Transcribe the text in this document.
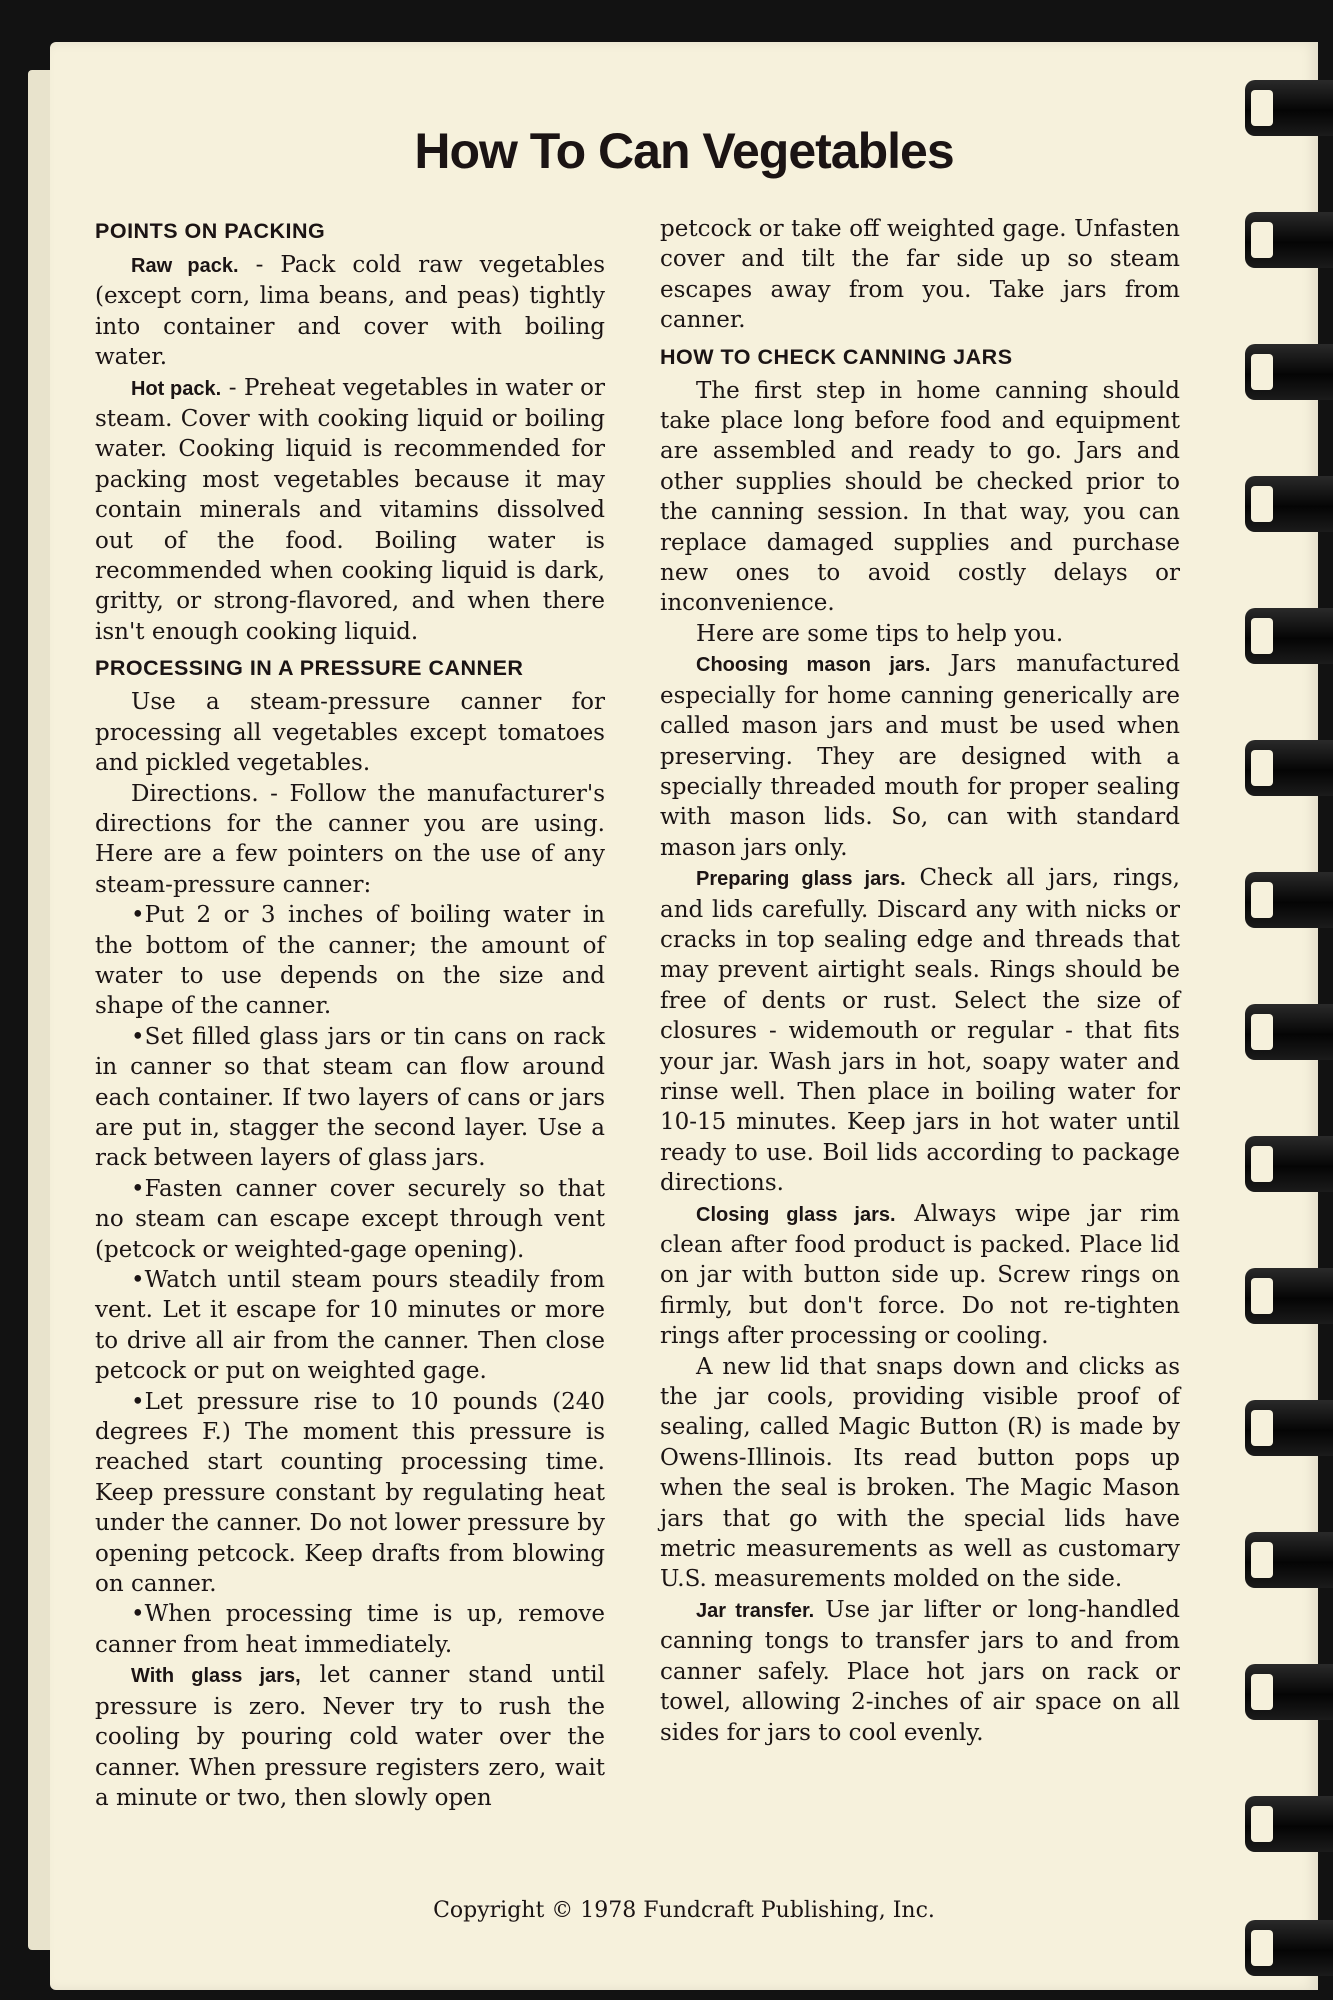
How To Can Vegetables
POINTS ON PACKING

Raw pack. - Pack cold raw vegetables (except corn, lima beans, and peas) tightly into container and cover with boiling water.

Hot pack. - Preheat vegetables in water or steam. Cover with cooking liquid or boiling water. Cooking liquid is recommended for packing most vegetables because it may contain minerals and vitamins dissolved out of the food. Boiling water is recommended when cooking liquid is dark, gritty, or strong-flavored, and when there isn't enough cooking liquid.

PROCESSING IN A PRESSURE CANNER

Use a steam-pressure canner for processing all vegetables except tomatoes and pickled vegetables.

Directions. - Follow the manufacturer's directions for the canner you are using. Here are a few pointers on the use of any steam-pressure canner:

•Put 2 or 3 inches of boiling water in the bottom of the canner; the amount of water to use depends on the size and shape of the canner.

•Set filled glass jars or tin cans on rack in canner so that steam can flow around each container. If two layers of cans or jars are put in, stagger the second layer. Use a rack between layers of glass jars.

•Fasten canner cover securely so that no steam can escape except through vent (petcock or weighted-gage opening).

•Watch until steam pours steadily from vent. Let it escape for 10 minutes or more to drive all air from the canner. Then close petcock or put on weighted gage.

•Let pressure rise to 10 pounds (240 degrees F.) The moment this pressure is reached start counting processing time. Keep pressure constant by regulating heat under the canner. Do not lower pressure by opening petcock. Keep drafts from blowing on canner.

•When processing time is up, remove canner from heat immediately.

With glass jars, let canner stand until pressure is zero. Never try to rush the cooling by pouring cold water over the canner. When pressure registers zero, wait a minute or two, then slowly open

petcock or take off weighted gage. Unfasten cover and tilt the far side up so steam escapes away from you. Take jars from canner.

HOW TO CHECK CANNING JARS

The first step in home canning should take place long before food and equipment are assembled and ready to go. Jars and other supplies should be checked prior to the canning session. In that way, you can replace damaged supplies and purchase new ones to avoid costly delays or inconvenience.

Here are some tips to help you.

Choosing mason jars. Jars manufactured especially for home canning generically are called mason jars and must be used when preserving. They are designed with a specially threaded mouth for proper sealing with mason lids. So, can with standard mason jars only.

Preparing glass jars. Check all jars, rings, and lids carefully. Discard any with nicks or cracks in top sealing edge and threads that may prevent airtight seals. Rings should be free of dents or rust. Select the size of closures - widemouth or regular - that fits your jar. Wash jars in hot, soapy water and rinse well. Then place in boiling water for 10-15 minutes. Keep jars in hot water until ready to use. Boil lids according to package directions.

Closing glass jars. Always wipe jar rim clean after food product is packed. Place lid on jar with button side up. Screw rings on firmly, but don't force. Do not re-tighten rings after processing or cooling.

A new lid that snaps down and clicks as the jar cools, providing visible proof of sealing, called Magic Button (R) is made by Owens-Illinois. Its read button pops up when the seal is broken. The Magic Mason jars that go with the special lids have metric measurements as well as customary U.S. measurements molded on the side.

Jar transfer. Use jar lifter or long-handled canning tongs to transfer jars to and from canner safely. Place hot jars on rack or towel, allowing 2-inches of air space on all sides for jars to cool evenly.

Copyright © 1978 Fundcraft Publishing, Inc.
